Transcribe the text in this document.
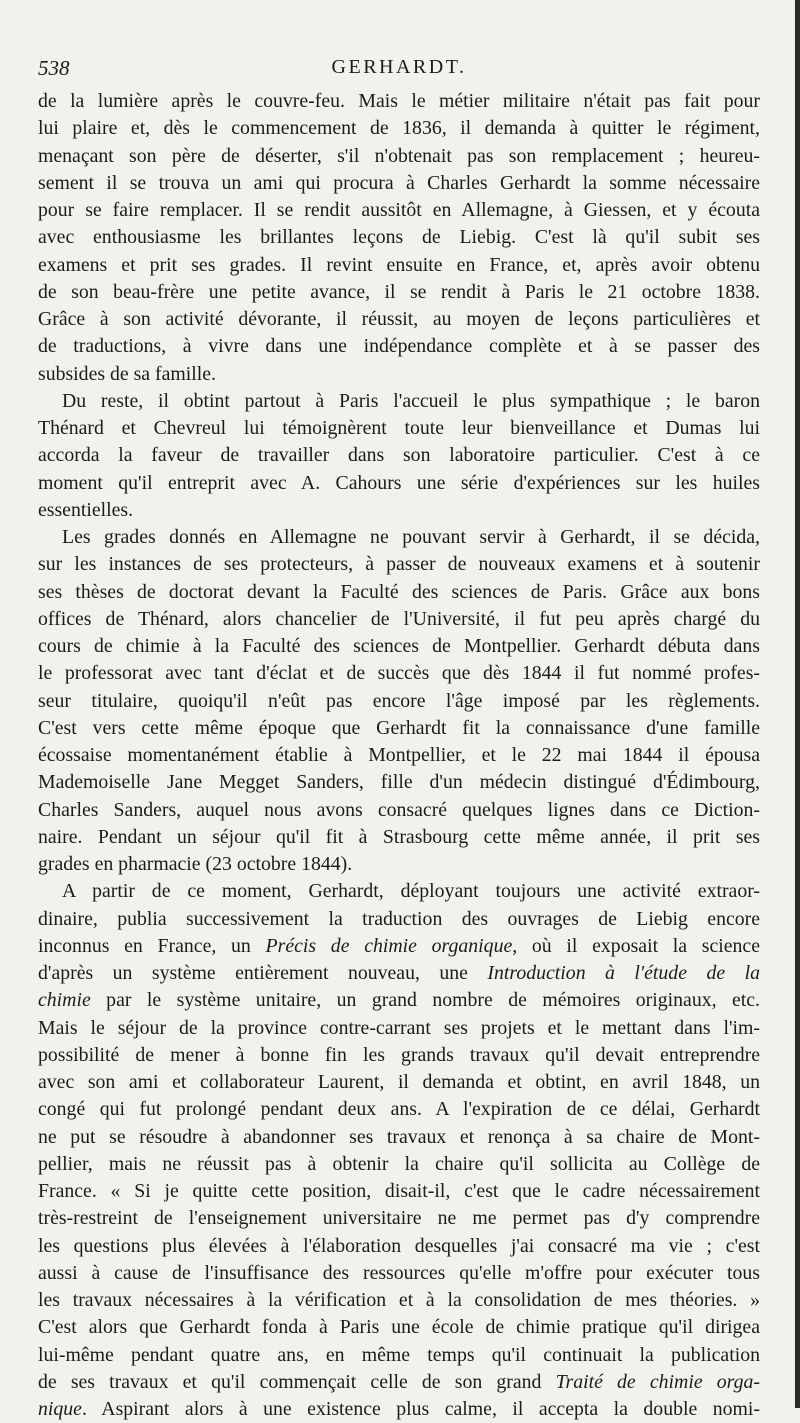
538	GERHARDT.
de la lumière après le couvre-feu. Mais le métier militaire n'était pas fait pour
lui plaire et, dès le commencement de 1836, il demanda à quitter le régiment,
menaçant son père de déserter, s'il n'obtenait pas son remplacement ; heureu-
sement il se trouva un ami qui procura à Charles Gerhardt la somme nécessaire
pour se faire remplacer. Il se rendit aussitôt en Allemagne, à Giessen, et y écouta
avec enthousiasme les brillantes leçons de Liebig. C'est là qu'il subit ses
examens et prit ses grades. Il revint ensuite en France, et, après avoir obtenu
de son beau-frère une petite avance, il se rendit à Paris le 21 octobre 1838.
Grâce à son activité dévorante, il réussit, au moyen de leçons particulières et
de traductions, à vivre dans une indépendance complète et à se passer des
subsides de sa famille.
Du reste, il obtint partout à Paris l'accueil le plus sympathique ; le baron
Thénard et Chevreul lui témoignèrent toute leur bienveillance et Dumas lui
accorda la faveur de travailler dans son laboratoire particulier. C'est à ce
moment qu'il entreprit avec A. Cahours une série d'expériences sur les huiles
essentielles.
Les grades donnés en Allemagne ne pouvant servir à Gerhardt, il se décida,
sur les instances de ses protecteurs, à passer de nouveaux examens et à soutenir
ses thèses de doctorat devant la Faculté des sciences de Paris. Grâce aux bons
offices de Thénard, alors chancelier de l'Université, il fut peu après chargé du
cours de chimie à la Faculté des sciences de Montpellier. Gerhardt débuta dans
le professorat avec tant d'éclat et de succès que dès 1844 il fut nommé profes-
seur titulaire, quoiqu'il n'eût pas encore l'âge imposé par les règlements.
C'est vers cette même époque que Gerhardt fit la connaissance d'une famille
écossaise momentanément établie à Montpellier, et le 22 mai 1844 il épousa
Mademoiselle Jane Megget Sanders, fille d'un médecin distingué d'Édimbourg,
Charles Sanders, auquel nous avons consacré quelques lignes dans ce Diction-
naire. Pendant un séjour qu'il fit à Strasbourg cette même année, il prit ses
grades en pharmacie (23 octobre 1844).
A partir de ce moment, Gerhardt, déployant toujours une activité extraor-
dinaire, publia successivement la traduction des ouvrages de Liebig encore
inconnus en France, un Précis de chimie organique, où il exposait la science
d'après un système entièrement nouveau, une Introduction à l'étude de la
chimie par le système unitaire, un grand nombre de mémoires originaux, etc.
Mais le séjour de la province contre-carrant ses projets et le mettant dans l'im-
possibilité de mener à bonne fin les grands travaux qu'il devait entreprendre
avec son ami et collaborateur Laurent, il demanda et obtint, en avril 1848, un
congé qui fut prolongé pendant deux ans. A l'expiration de ce délai, Gerhardt
ne put se résoudre à abandonner ses travaux et renonça à sa chaire de Mont-
pellier, mais ne réussit pas à obtenir la chaire qu'il sollicita au Collège de
France. « Si je quitte cette position, disait-il, c'est que le cadre nécessairement
très-restreint de l'enseignement universitaire ne me permet pas d'y comprendre
les questions plus élevées à l'élaboration desquelles j'ai consacré ma vie ; c'est
aussi à cause de l'insuffisance des ressources qu'elle m'offre pour exécuter tous
les travaux nécessaires à la vérification et à la consolidation de mes théories. »
C'est alors que Gerhardt fonda à Paris une école de chimie pratique qu'il dirigea
lui-même pendant quatre ans, en même temps qu'il continuait la publication
de ses travaux et qu'il commençait celle de son grand Traité de chimie orga-
nique. Aspirant alors à une existence plus calme, il accepta la double nomi-
